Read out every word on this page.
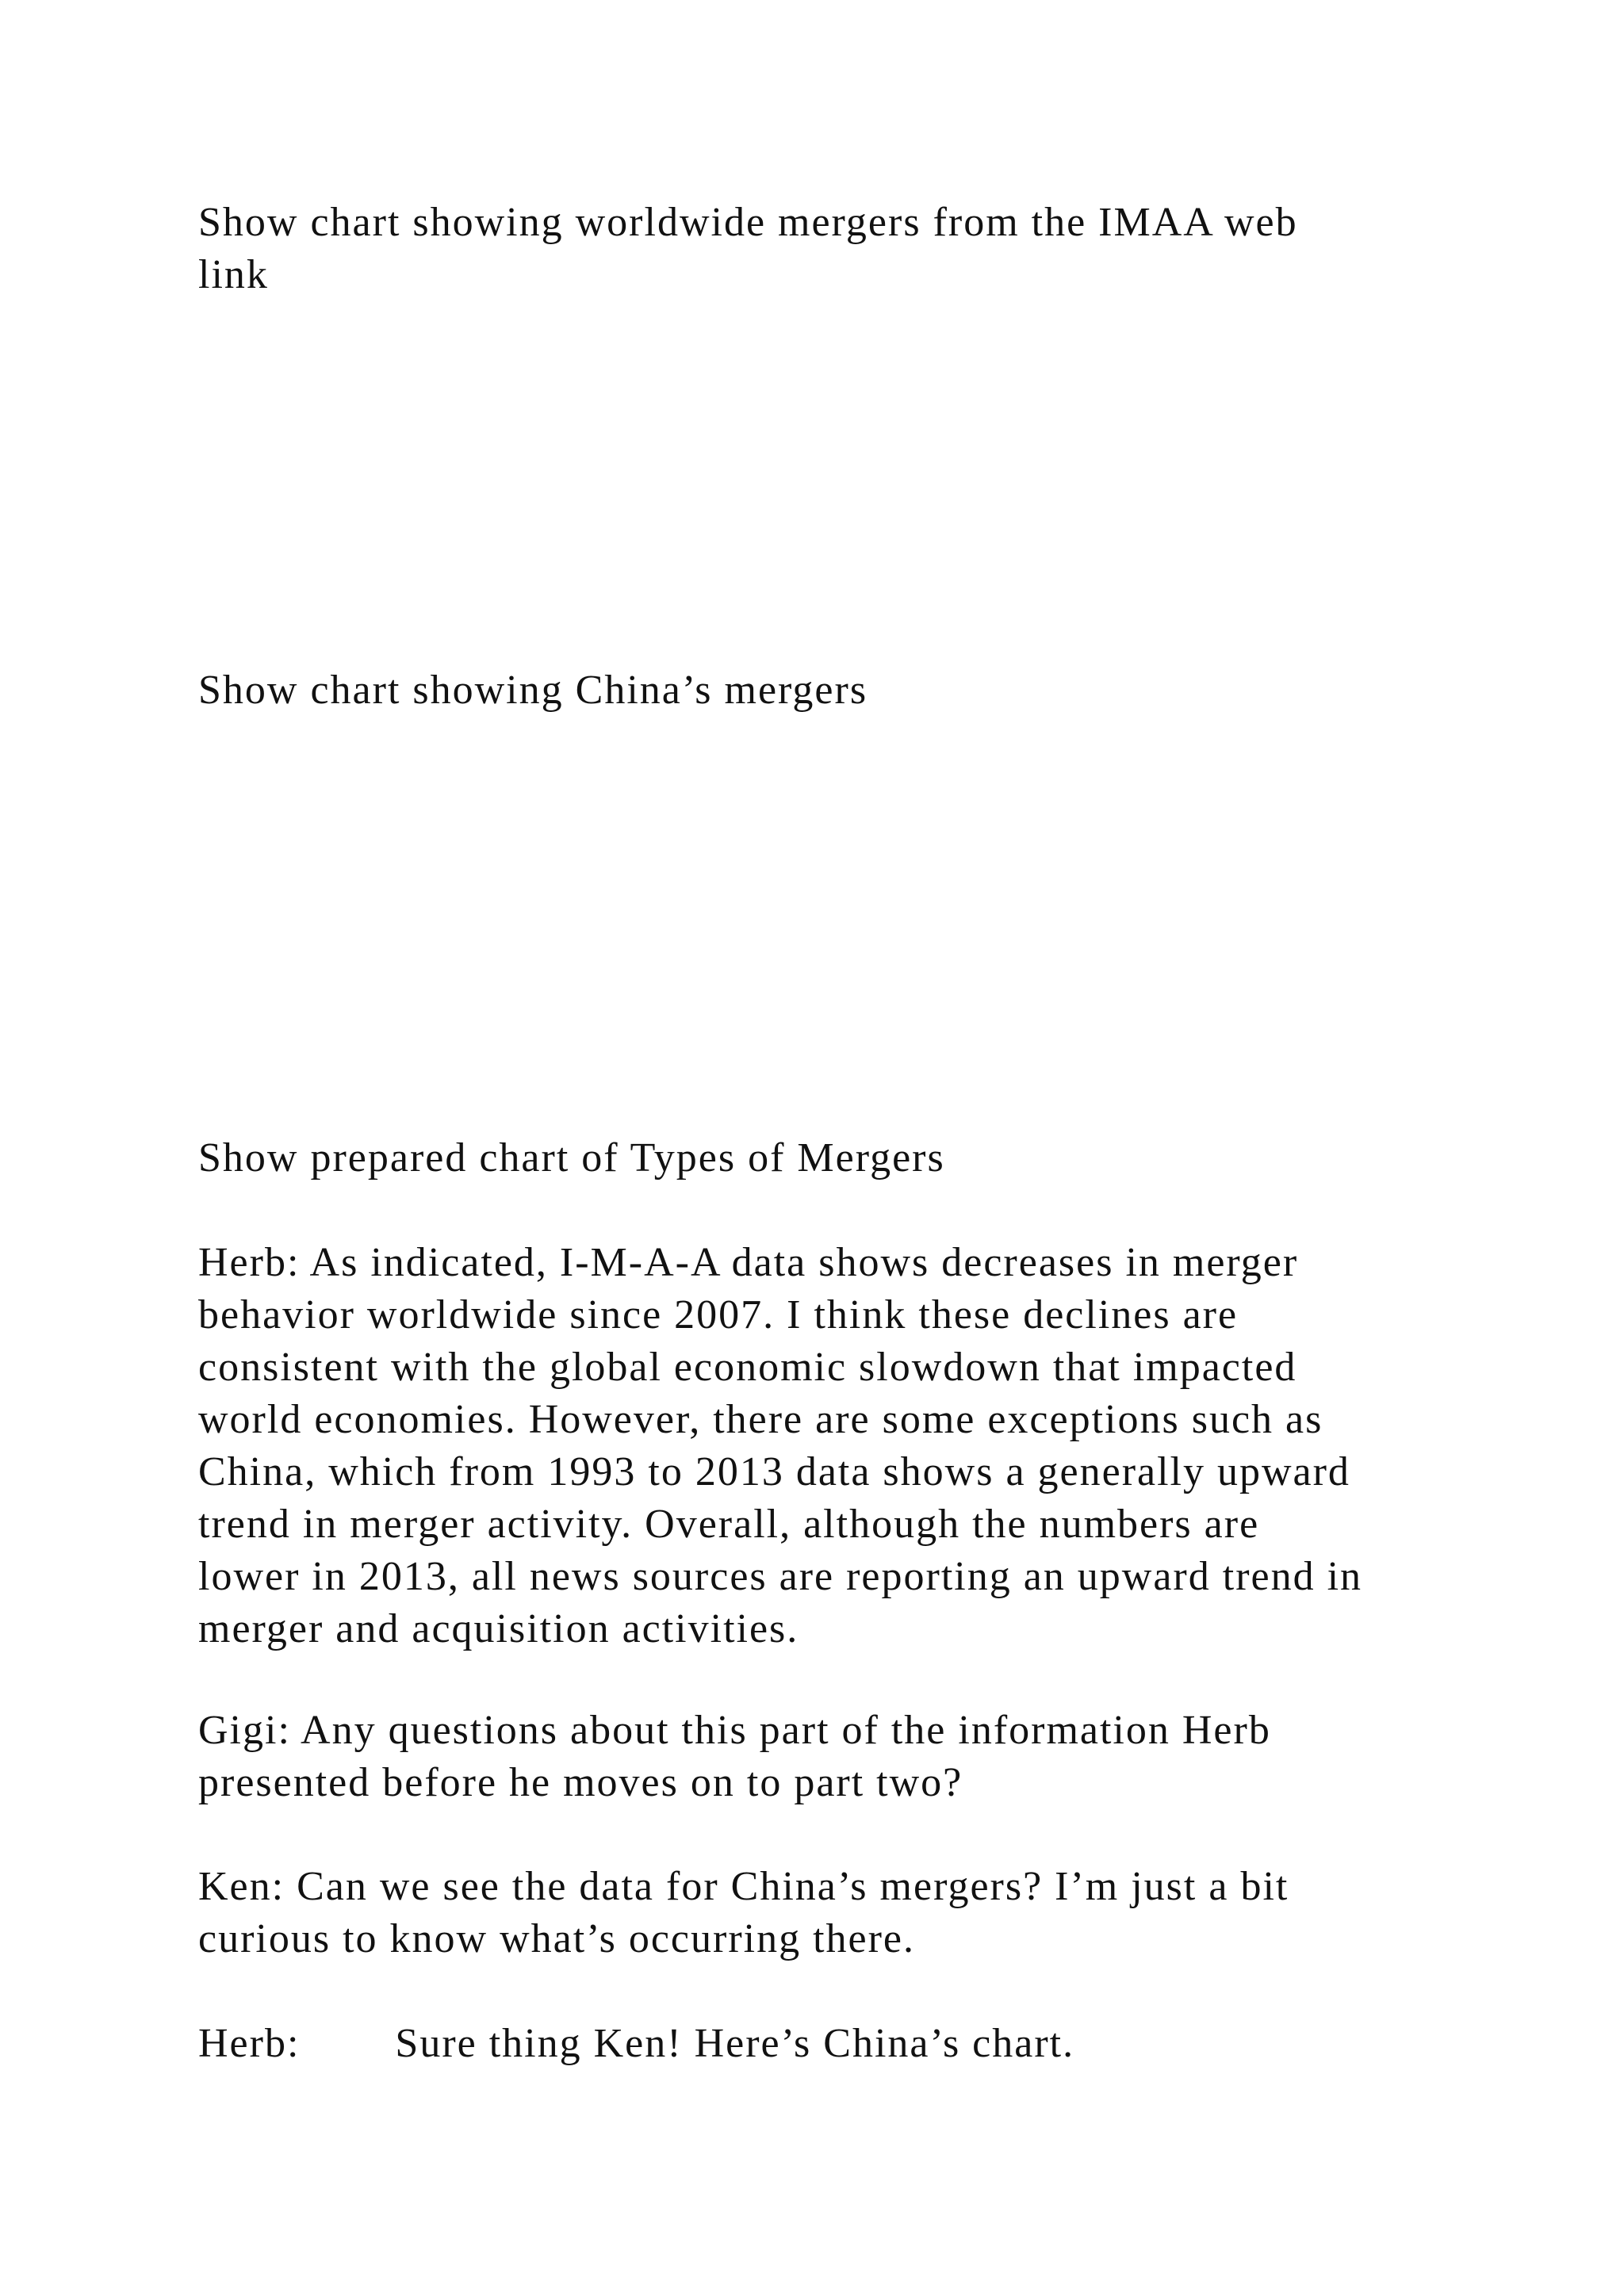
Show chart showing worldwide mergers from the IMAA web
link

Show chart showing China’s mergers

Show prepared chart of Types of Mergers

Herb: As indicated, I-M-A-A data shows decreases in merger
behavior worldwide since 2007. I think these declines are
consistent with the global economic slowdown that impacted
world economies. However, there are some exceptions such as
China, which from 1993 to 2013 data shows a generally upward
trend in merger activity. Overall, although the numbers are
lower in 2013, all news sources are reporting an upward trend in
merger and acquisition activities.

Gigi: Any questions about this part of the information Herb
presented before he moves on to part two?

Ken: Can we see the data for China’s mergers? I’m just a bit
curious to know what’s occurring there.

Herb: Sure thing Ken! Here’s China’s chart.
